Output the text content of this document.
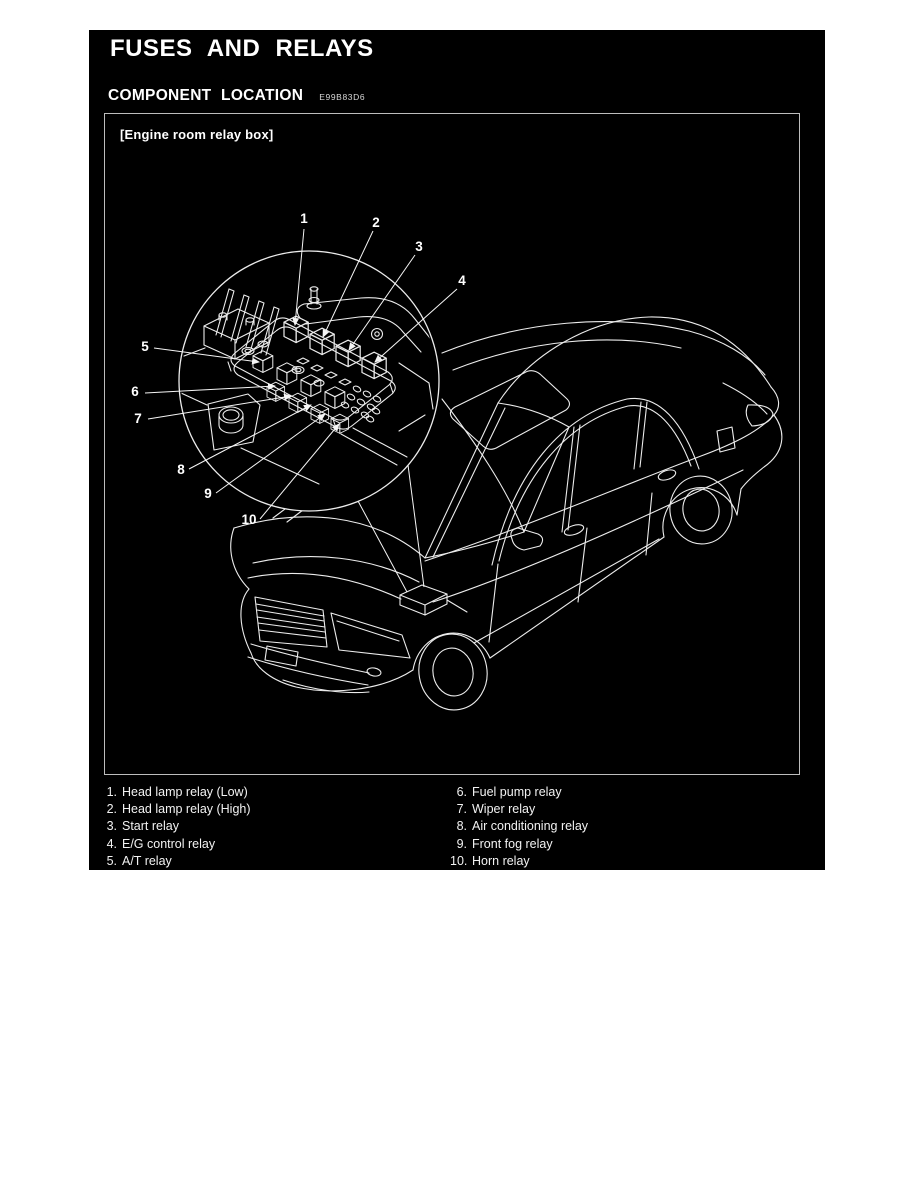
FUSES AND RELAYS
COMPONENT LOCATION E99B83D6
1	2
3
4
5
6
7
8
9
10
[Engine room relay box]
1. Head lamp relay (Low)
2. Head lamp relay (High)
3. Start relay
4. E/G control relay
5. A/T relay
6. Fuel pump relay
7. Wiper relay
8. Air conditioning relay
9. Front fog relay
10. Horn relay
